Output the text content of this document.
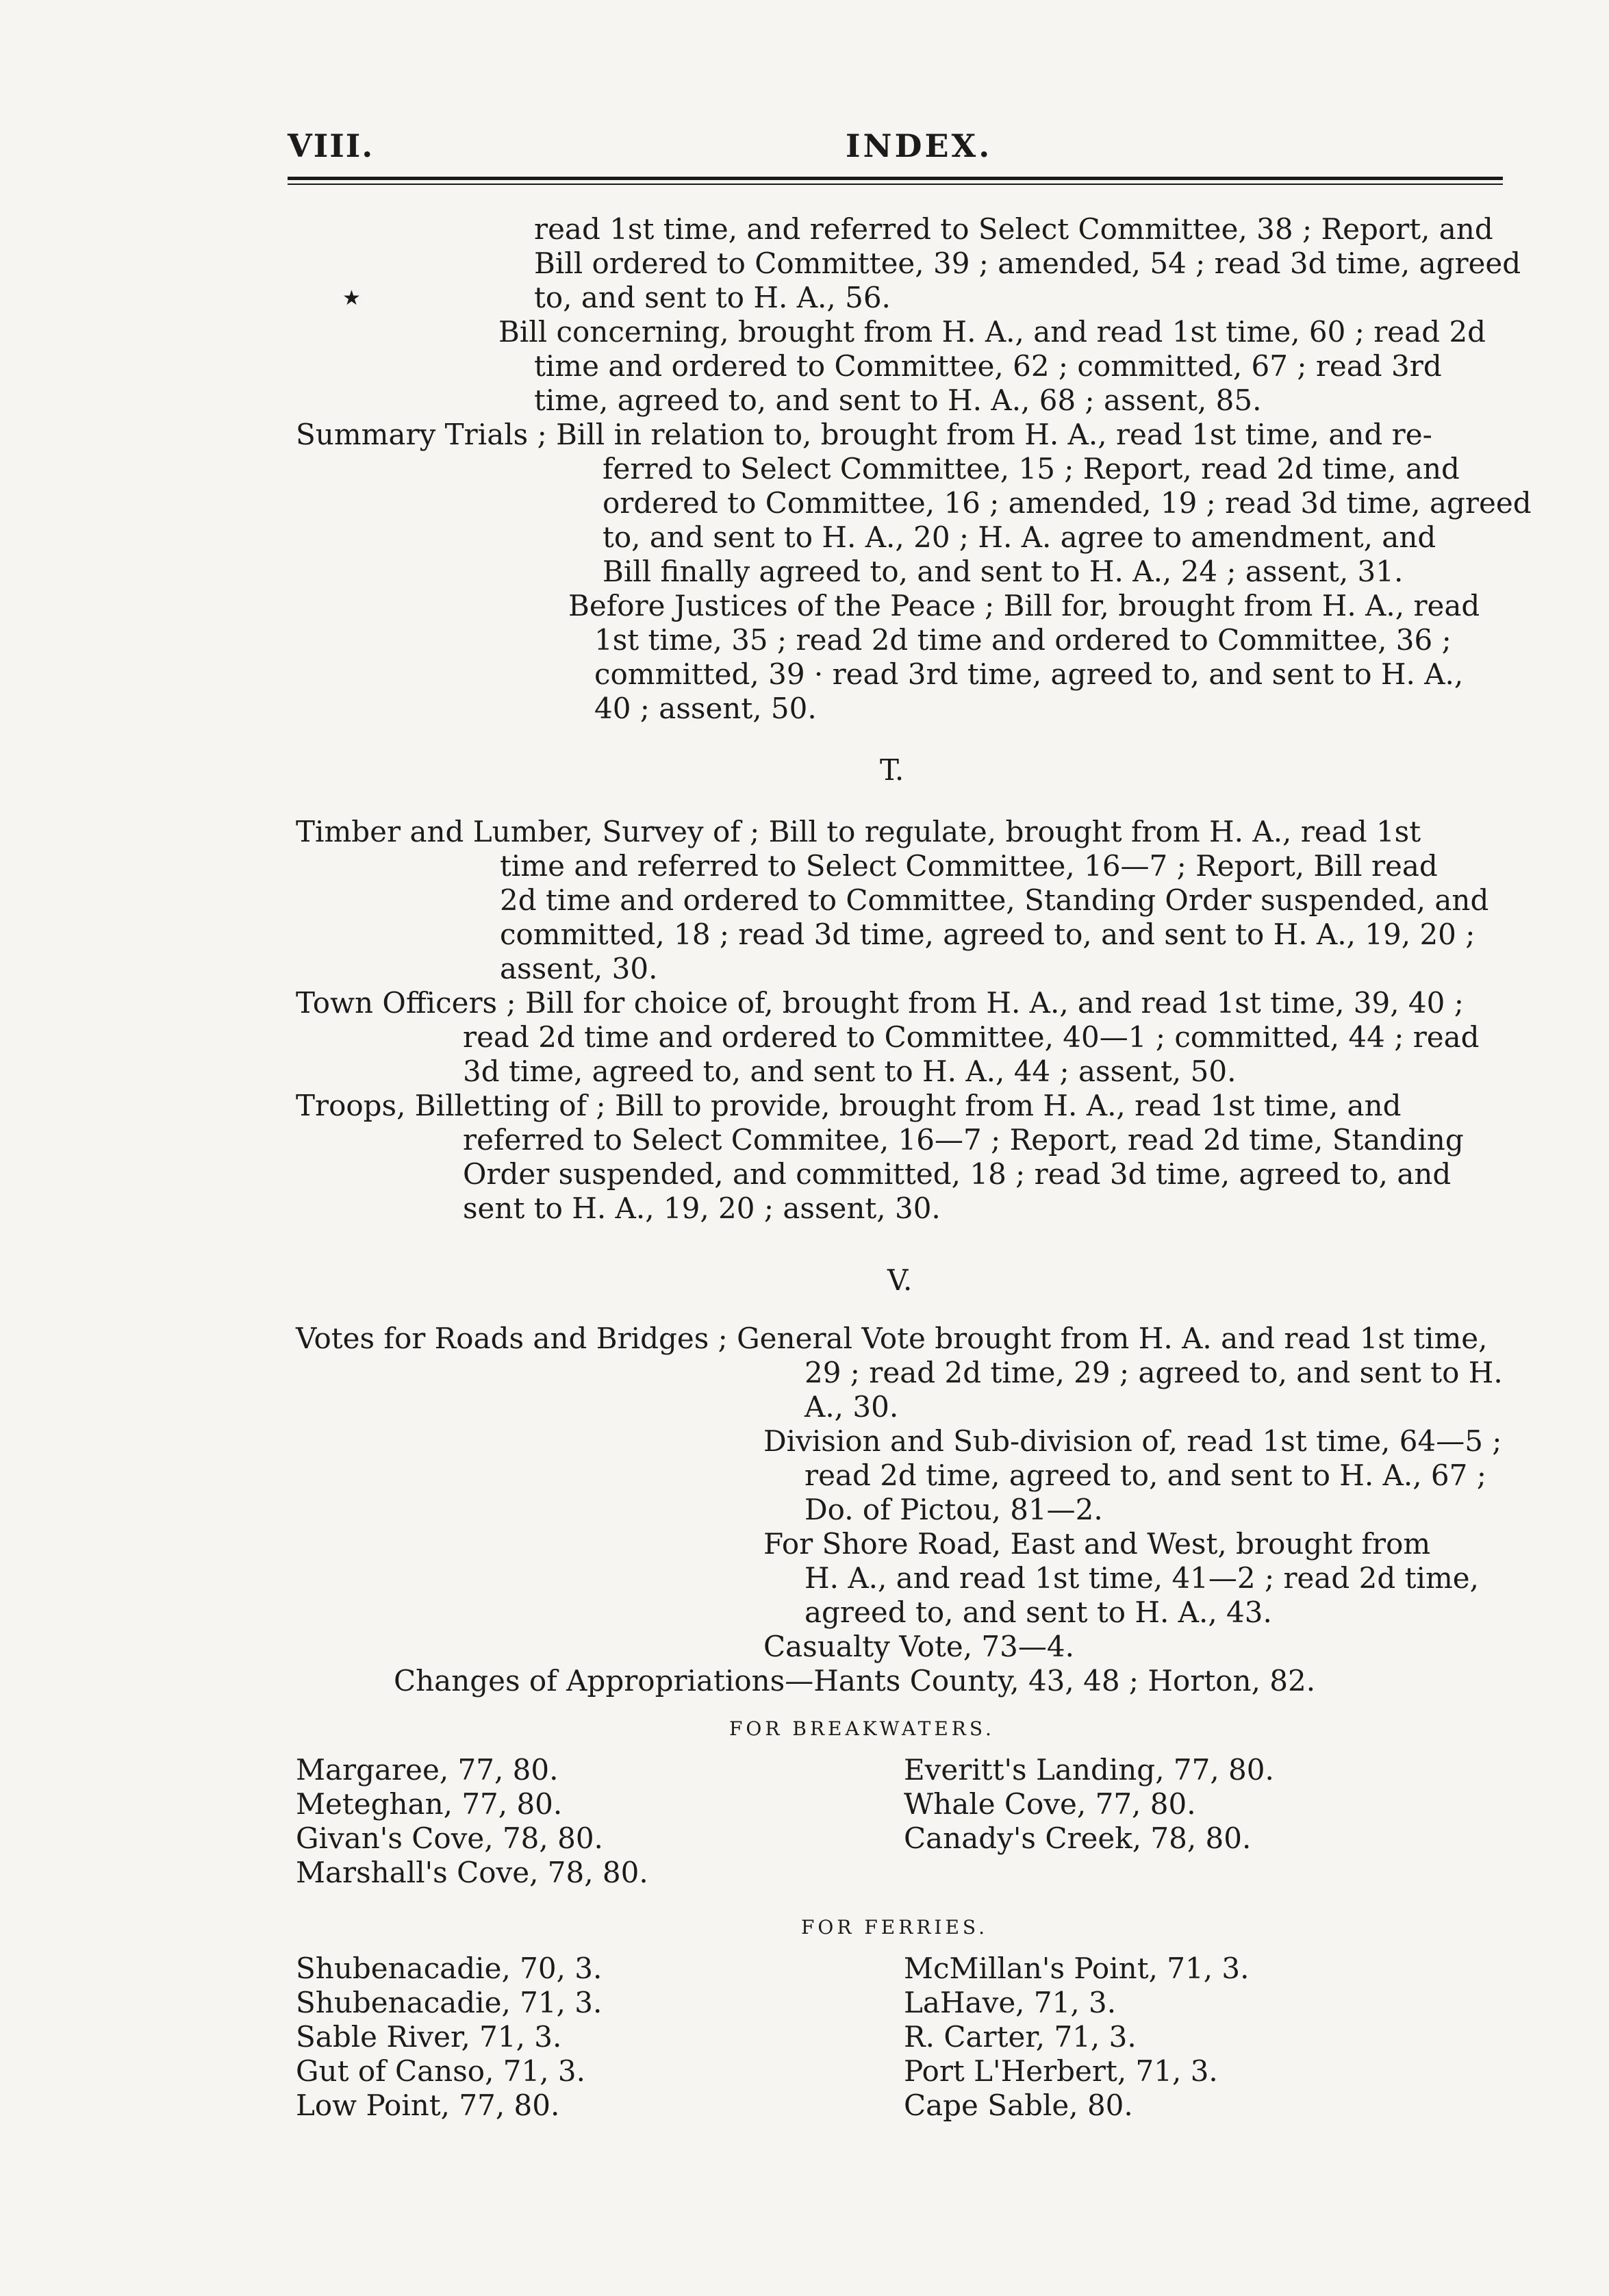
VIII.	INDEX.
★
read 1st time, and referred to Select Committee, 38 ; Report, and
Bill ordered to Committee, 39 ; amended, 54 ; read 3d time, agreed
to, and sent to H. A., 56.
Bill concerning, brought from H. A., and read 1st time, 60 ; read 2d
time and ordered to Committee, 62 ; committed, 67 ; read 3rd
time, agreed to, and sent to H. A., 68 ; assent, 85.
Summary Trials ; Bill in relation to, brought from H. A., read 1st time, and re-
ferred to Select Committee, 15 ; Report, read 2d time, and
ordered to Committee, 16 ; amended, 19 ; read 3d time, agreed
to, and sent to H. A., 20 ; H. A. agree to amendment, and
Bill finally agreed to, and sent to H. A., 24 ; assent, 31.
Before Justices of the Peace ; Bill for, brought from H. A., read
1st time, 35 ; read 2d time and ordered to Committee, 36 ;
committed, 39 · read 3rd time, agreed to, and sent to H. A.,
40 ; assent, 50.
T.
Timber and Lumber, Survey of ; Bill to regulate, brought from H. A., read 1st
time and referred to Select Committee, 16—7 ; Report, Bill read
2d time and ordered to Committee, Standing Order suspended, and
committed, 18 ; read 3d time, agreed to, and sent to H. A., 19, 20 ;
assent, 30.
Town Officers ; Bill for choice of, brought from H. A., and read 1st time, 39, 40 ;
read 2d time and ordered to Committee, 40—1 ; committed, 44 ; read
3d time, agreed to, and sent to H. A., 44 ; assent, 50.
Troops, Billetting of ; Bill to provide, brought from H. A., read 1st time, and
referred to Select Commitee, 16—7 ; Report, read 2d time, Standing
Order suspended, and committed, 18 ; read 3d time, agreed to, and
sent to H. A., 19, 20 ; assent, 30.
V.
Votes for Roads and Bridges ; General Vote brought from H. A. and read 1st time,
29 ; read 2d time, 29 ; agreed to, and sent to H.
A., 30.
Division and Sub-division of, read 1st time, 64—5 ;
read 2d time, agreed to, and sent to H. A., 67 ;
Do. of Pictou, 81—2.
For Shore Road, East and West, brought from
H. A., and read 1st time, 41—2 ; read 2d time,
agreed to, and sent to H. A., 43.
Casualty Vote, 73—4.
Changes of Appropriations—Hants County, 43, 48 ; Horton, 82.
FOR BREAKWATERS.
Margaree, 77, 80.
Meteghan, 77, 80.
Givan's Cove, 78, 80.
Marshall's Cove, 78, 80.
Everitt's Landing, 77, 80.
Whale Cove, 77, 80.
Canady's Creek, 78, 80.
FOR FERRIES.
Shubenacadie, 70, 3.
Shubenacadie, 71, 3.
Sable River, 71, 3.
Gut of Canso, 71, 3.
Low Point, 77, 80.
McMillan's Point, 71, 3.
LaHave, 71, 3.
R. Carter, 71, 3.
Port L'Herbert, 71, 3.
Cape Sable, 80.
